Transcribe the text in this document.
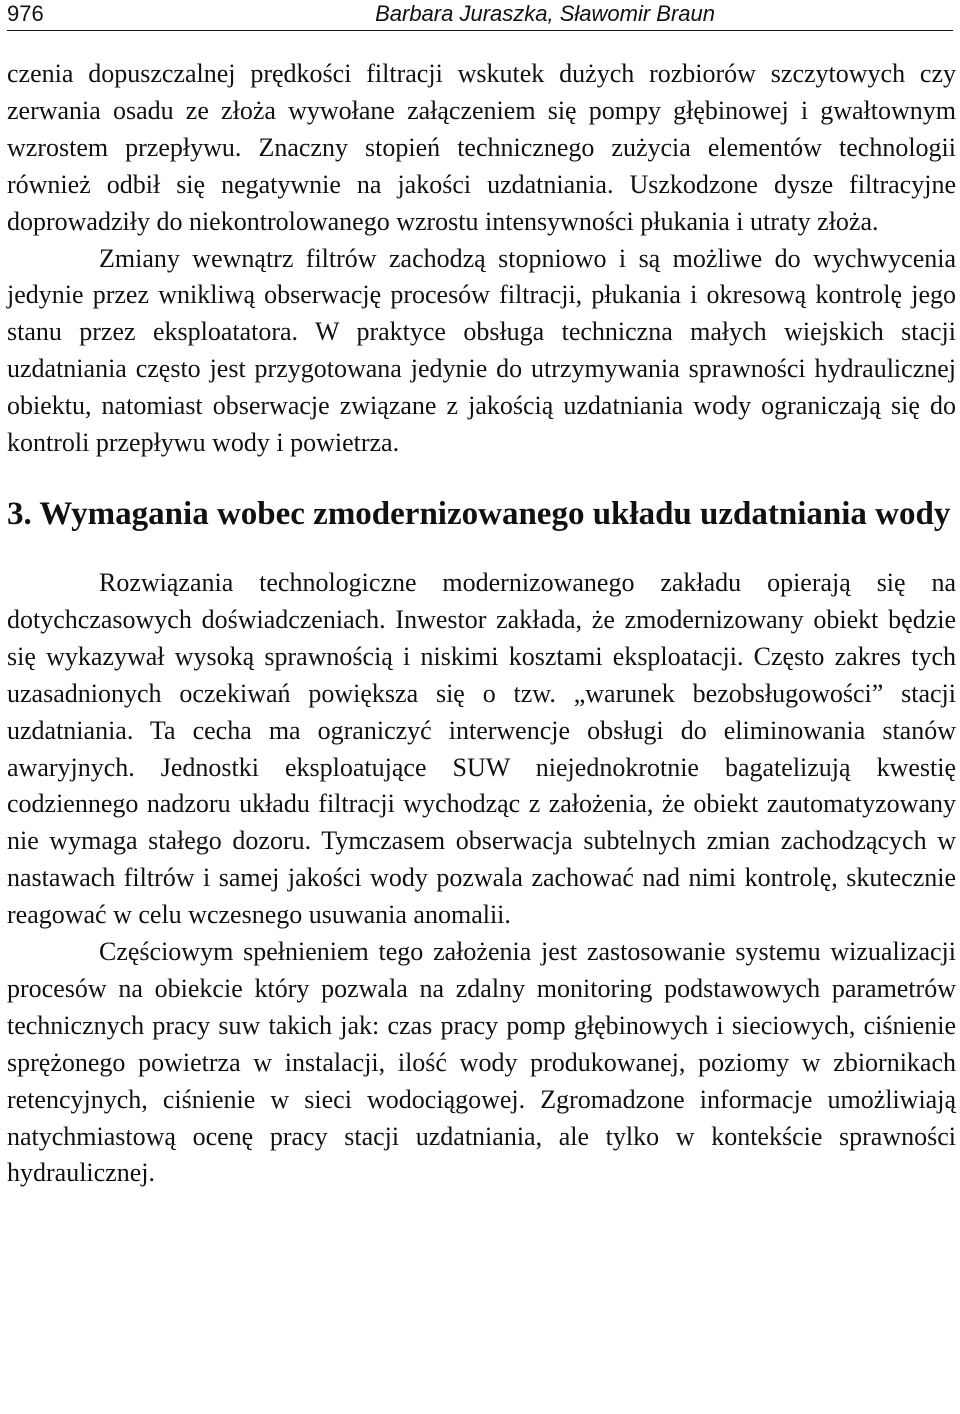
976	Barbara Juraszka, Sławomir Braun

czenia dopuszczalnej prędkości filtracji wskutek dużych rozbiorów szczytowych czy zerwania osadu ze złoża wywołane załączeniem się pompy głębinowej i gwałtownym wzrostem przepływu. Znaczny stopień technicznego zużycia elementów technologii również odbił się negatywnie na jakości uzdatniania. Uszkodzone dysze filtracyjne doprowadziły do niekontrolowanego wzrostu intensywności płukania i utraty złoża.

Zmiany wewnątrz filtrów zachodzą stopniowo i są możliwe do wychwycenia jedynie przez wnikliwą obserwację procesów filtracji, płukania i okresową kontrolę jego stanu przez eksploatatora. W praktyce obsługa techniczna małych wiejskich stacji uzdatniania często jest przygotowana jedynie do utrzymywania sprawności hydraulicznej obiektu, natomiast obserwacje związane z jakością uzdatniania wody ograniczają się do kontroli przepływu wody i powietrza.

3. Wymagania wobec zmodernizowanego układu uzdatniania wody

Rozwiązania technologiczne modernizowanego zakładu opierają się na dotychczasowych doświadczeniach. Inwestor zakłada, że zmodernizowany obiekt będzie się wykazywał wysoką sprawnością i niskimi kosztami eksploatacji. Często zakres tych uzasadnionych oczekiwań powiększa się o tzw. „warunek bezobsługowości” stacji uzdatniania. Ta cecha ma ograniczyć interwencje obsługi do eliminowania stanów awaryjnych. Jednostki eksploatujące SUW niejednokrotnie bagatelizują kwestię codziennego nadzoru układu filtracji wychodząc z założenia, że obiekt zautomatyzowany nie wymaga stałego dozoru. Tymczasem obserwacja subtelnych zmian zachodzących w nastawach filtrów i samej jakości wody pozwala zachować nad nimi kontrolę, skutecznie reagować w celu wczesnego usuwania anomalii.

Częściowym spełnieniem tego założenia jest zastosowanie systemu wizualizacji procesów na obiekcie który pozwala na zdalny monitoring podstawowych parametrów technicznych pracy suw takich jak: czas pracy pomp głębinowych i sieciowych, ciśnienie sprężonego powietrza w instalacji, ilość wody produkowanej, poziomy w zbiornikach retencyjnych, ciśnienie w sieci wodociągowej. Zgromadzone informacje umożliwiają natychmiastową ocenę pracy stacji uzdatniania, ale tylko w kontekście sprawności hydraulicznej.
